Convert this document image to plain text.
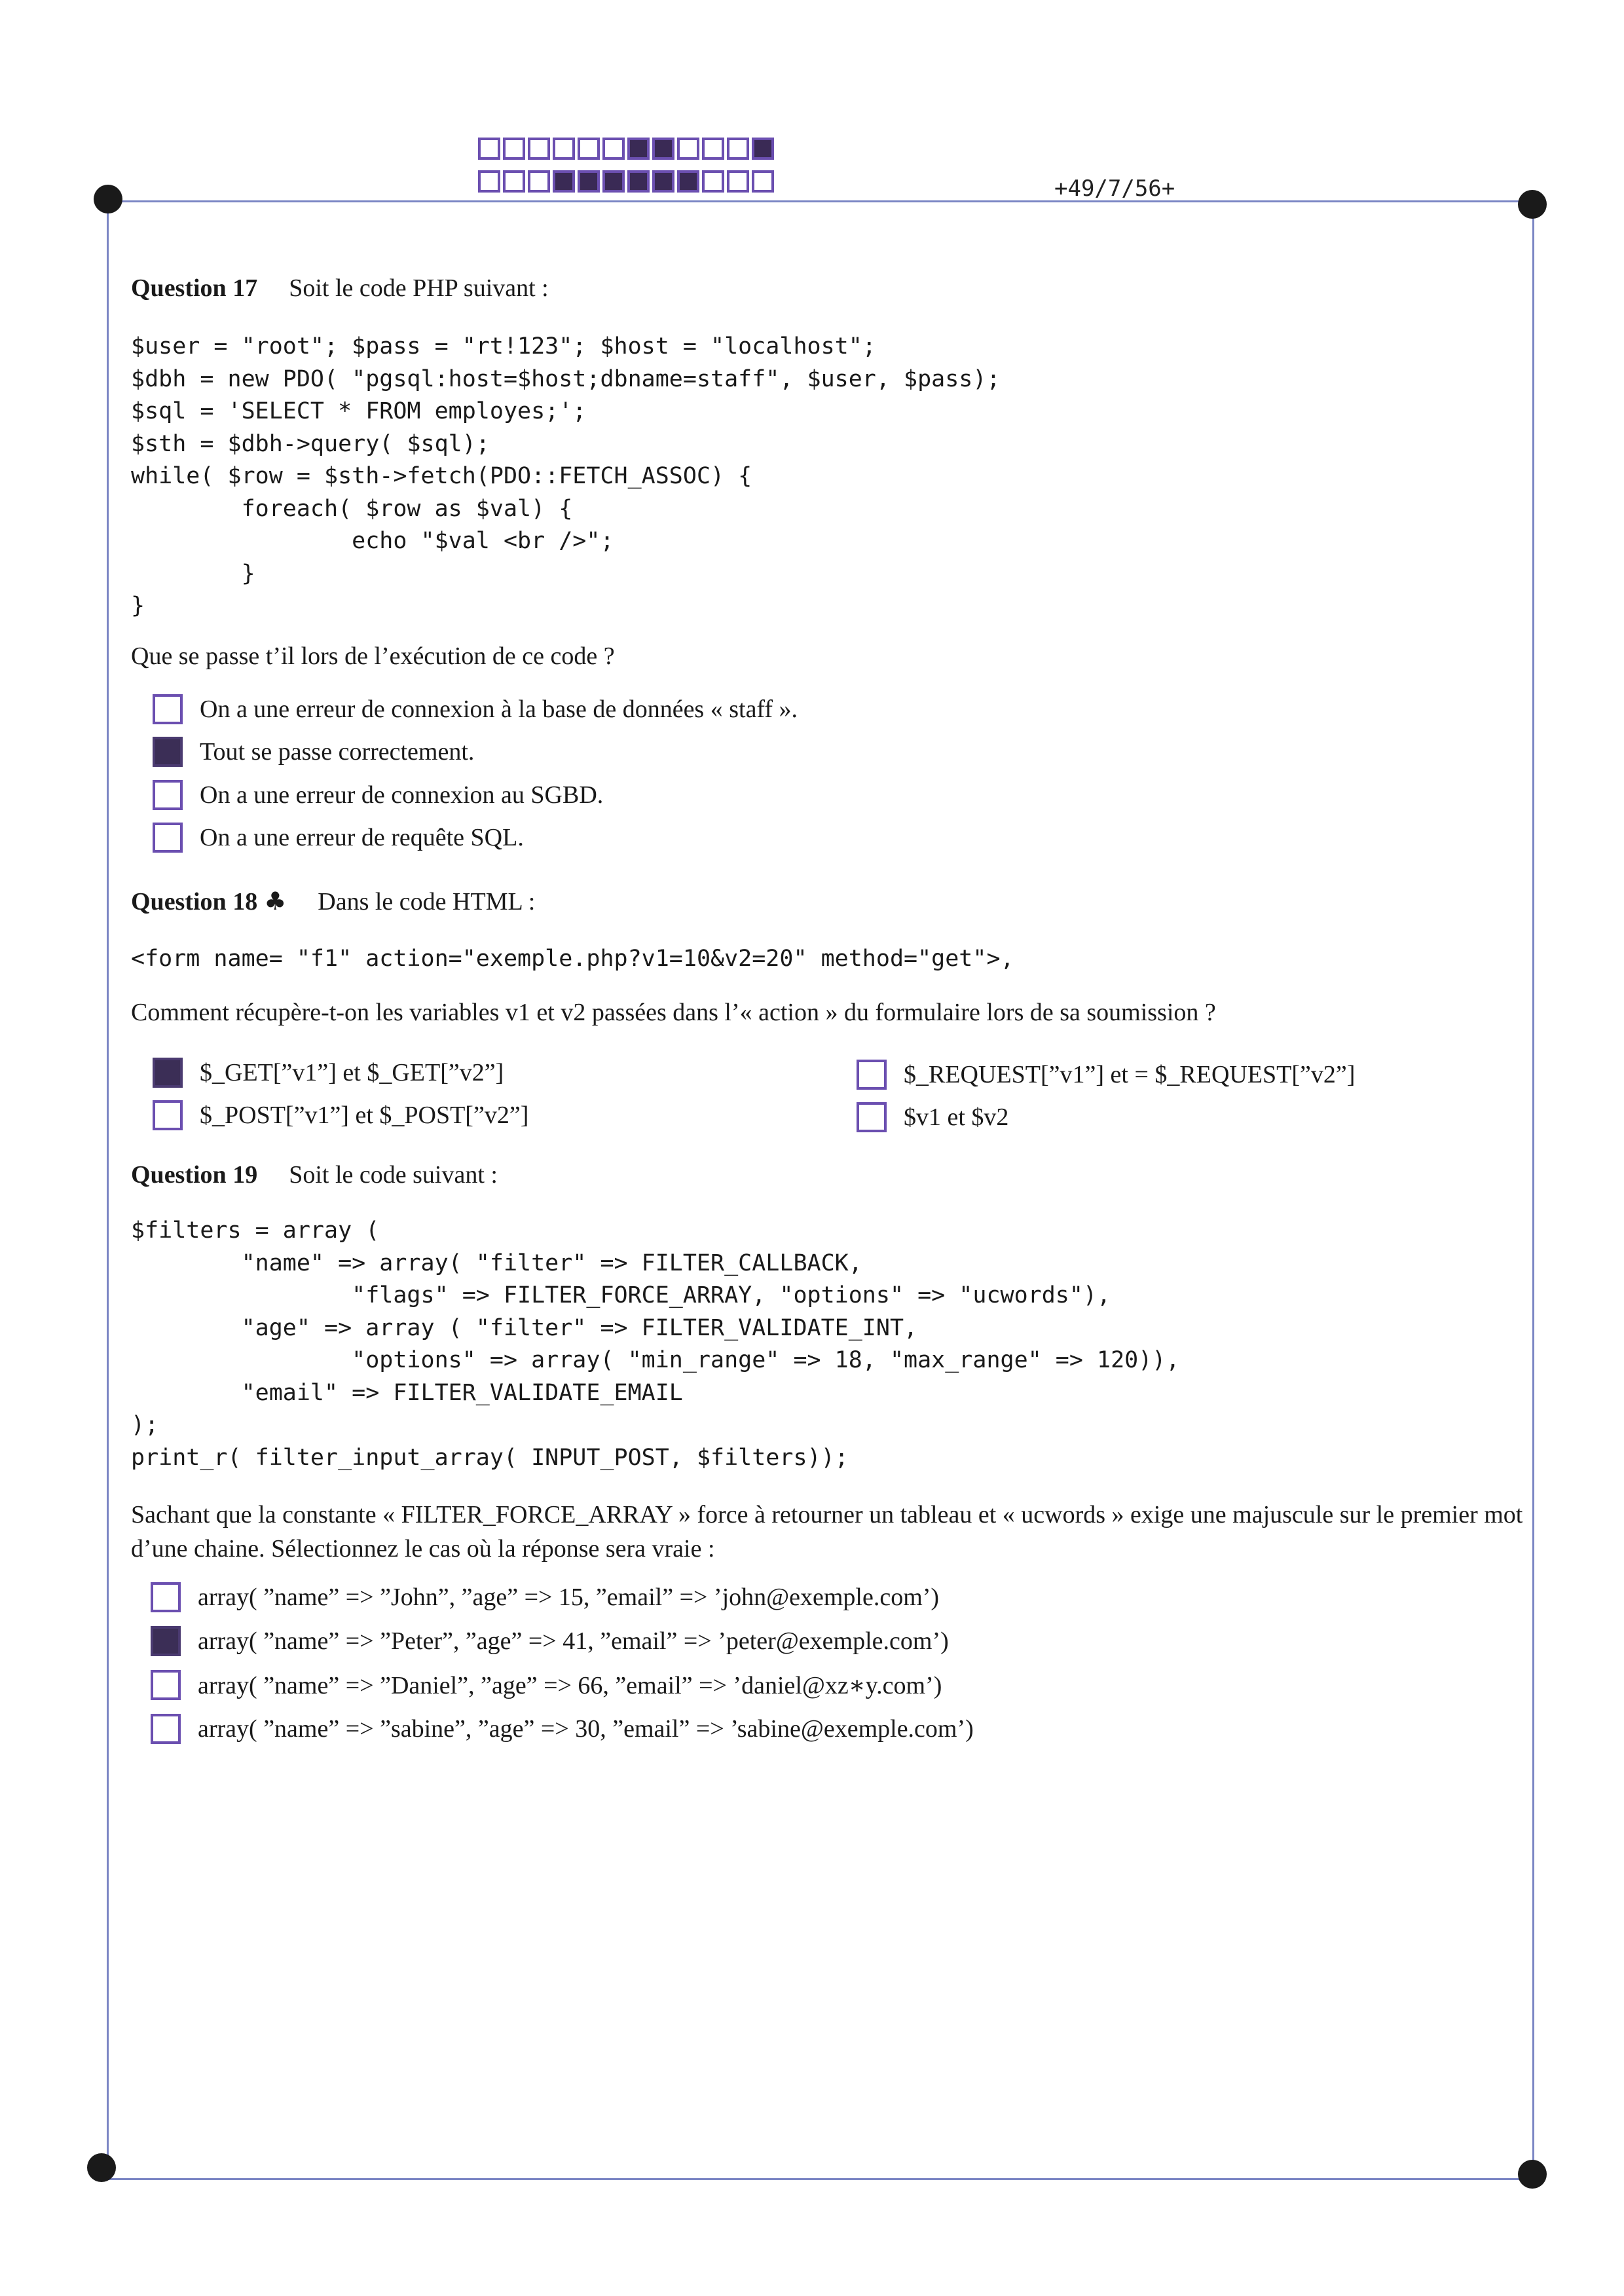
+49/7/56+
Question 17 Soit le code PHP suivant :
$user = "root"; $pass = "rt!123"; $host = "localhost";
$dbh = new PDO( "pgsql:host=$host;dbname=staff", $user, $pass);
$sql = 'SELECT * FROM employes;';
$sth = $dbh->query( $sql);
while( $row = $sth->fetch(PDO::FETCH_ASSOC) {
foreach( $row as $val) {
echo "$val <br />";
}
}
Que se passe t’il lors de l’exécution de ce code ?
On a une erreur de connexion à la base de données « staff ».
Tout se passe correctement.
On a une erreur de connexion au SGBD.
On a une erreur de requête SQL.
Question 18 ♣ Dans le code HTML :
<form name= "f1" action="exemple.php?v1=10&v2=20" method="get">,
Comment récupère-t-on les variables v1 et v2 passées dans l’« action » du formulaire lors de sa soumission ?
$_GET[”v1”] et $_GET[”v2”]	$_REQUEST[”v1”] et = $_REQUEST[”v2”]
$_POST[”v1”] et $_POST[”v2”]	$v1 et $v2
Question 19 Soit le code suivant :
$filters = array (
"name" => array( "filter" => FILTER_CALLBACK,
"flags" => FILTER_FORCE_ARRAY, "options" => "ucwords"),
"age" => array ( "filter" => FILTER_VALIDATE_INT,
"options" => array( "min_range" => 18, "max_range" => 120)),
"email" => FILTER_VALIDATE_EMAIL
);
print_r( filter_input_array( INPUT_POST, $filters));
Sachant que la constante « FILTER_FORCE_ARRAY » force à retourner un tableau et « ucwords » exige une majuscule sur le premier mot d’une chaine. Sélectionnez le cas où la réponse sera vraie :
array( ”name” => ”John”, ”age” => 15, ”email” => ’john@exemple.com’)
array( ”name” => ”Peter”, ”age” => 41, ”email” => ’peter@exemple.com’)
array( ”name” => ”Daniel”, ”age” => 66, ”email” => ’daniel@xz∗y.com’)
array( ”name” => ”sabine”, ”age” => 30, ”email” => ’sabine@exemple.com’)
